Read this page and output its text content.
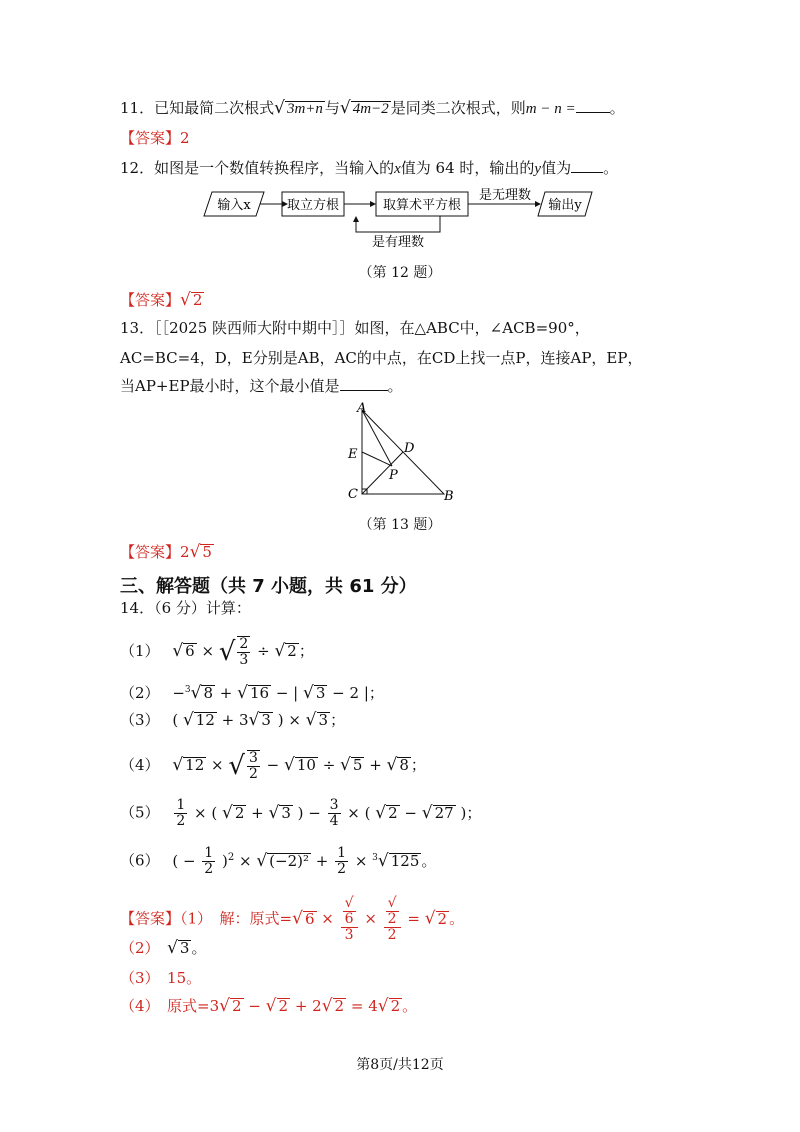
11．已知最简二次根式√ 3m+n 与√ 4m−2 是同类二次根式，则m − n = 。
【答案】2
12．如图是一个数值转换程序，当输入的x值为 64 时，输出的y值为 。
输入x	取立方根	取算术平方根
是无理数
输出y
是有理数
（第 12 题）
【答案】√ 2
13．［［2025 陕西师大附中期中］］如图，在△ABC中，∠ACB=90°，
AC=BC=4，D，E分别是AB，AC的中点，在CD上找一点P，连接AP，EP，
当AP+EP最小时，这个最小值是	。
A
E
C	B
D
P
（第 13 题）
【答案】2√ 5
三、解答题（共 7 小题，共 61 分）
14．（6 分）计算：
（1） √ 6 × √ $\frac{2}{3}$ ÷ √ 2 ；
（2） −$^3$√ 8 + √ 16 − | √ 3 − 2 |；
（3） ( √ 12 + 3√ 3 ) × √ 3 ；
（4） √ 12 × √ $\frac{3}{2}$ − √ 10 ÷ √ 5 + √ 8 ；
$(5) \frac{1}{2}$ × ( √ 2 + √ 3 ) − $\frac{3}{4}$ × ( √ 2 − √ 27 )；
（6） ( − $\frac{1}{2} )^2$ × √ $(-2)^2 + \frac{1}{2} \times ^3√$ 125 。
【答案】（1）　解：原式=√ 6 × √
6
3 × √
2
2 = √ 2 。
（2）　 √ 3 。
（3）　15。
（4）　原式=3√ 2 − √ 2 + 2√ 2 = 4√ 2 。
第8页/共12页
